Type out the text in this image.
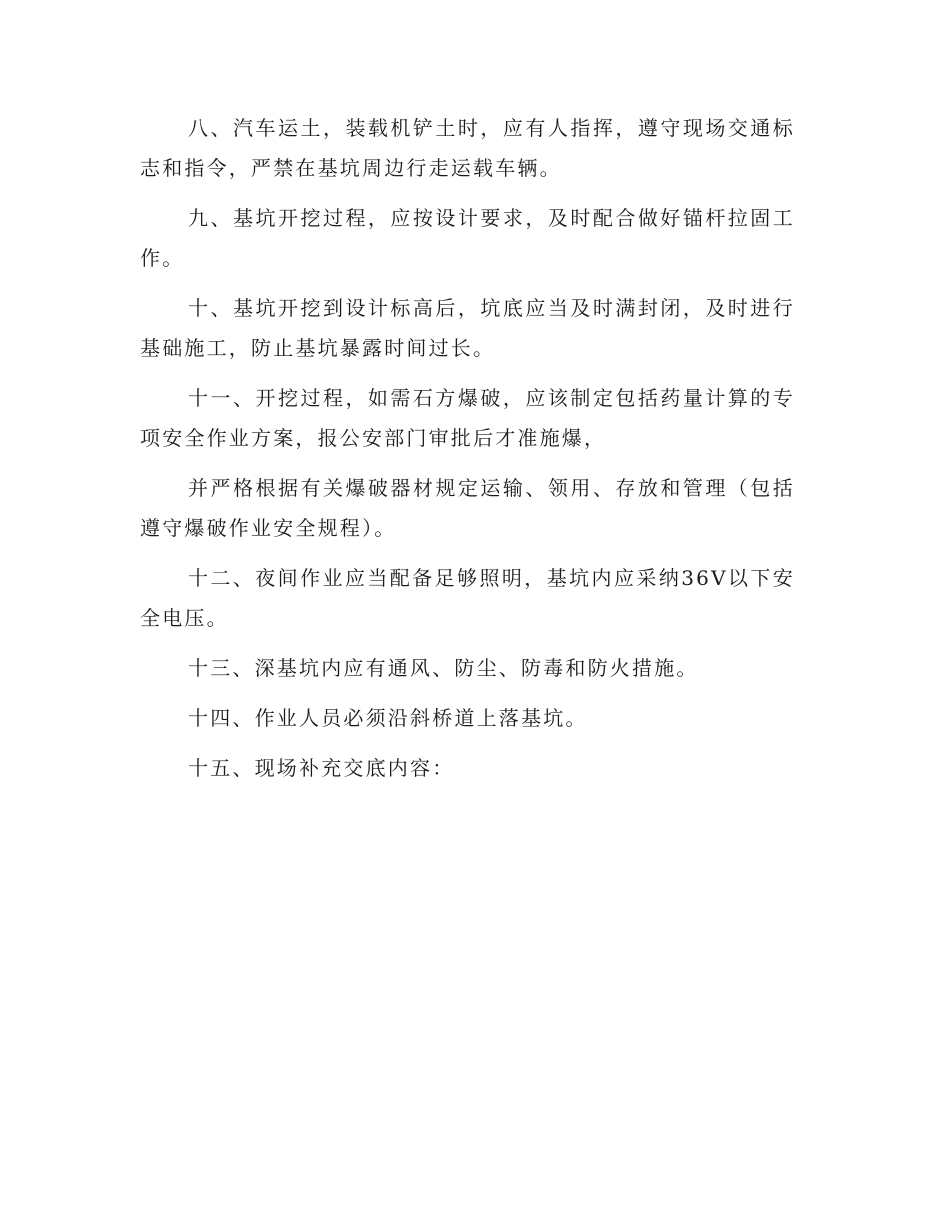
八、汽车运土，装载机铲土时，应有人指挥，遵守现场交通标志和指令，严禁在基坑周边行走运载车辆。

九、基坑开挖过程，应按设计要求，及时配合做好锚杆拉固工作。

十、基坑开挖到设计标高后，坑底应当及时满封闭，及时进行基础施工，防止基坑暴露时间过长。

十一、开挖过程，如需石方爆破，应该制定包括药量计算的专项安全作业方案，报公安部门审批后才准施爆，

并严格根据有关爆破器材规定运输、领用、存放和管理（包括遵守爆破作业安全规程）。

十二、夜间作业应当配备足够照明，基坑内应采纳36V以下安全电压。

十三、深基坑内应有通风、防尘、防毒和防火措施。

十四、作业人员必须沿斜桥道上落基坑。

十五、现场补充交底内容：
